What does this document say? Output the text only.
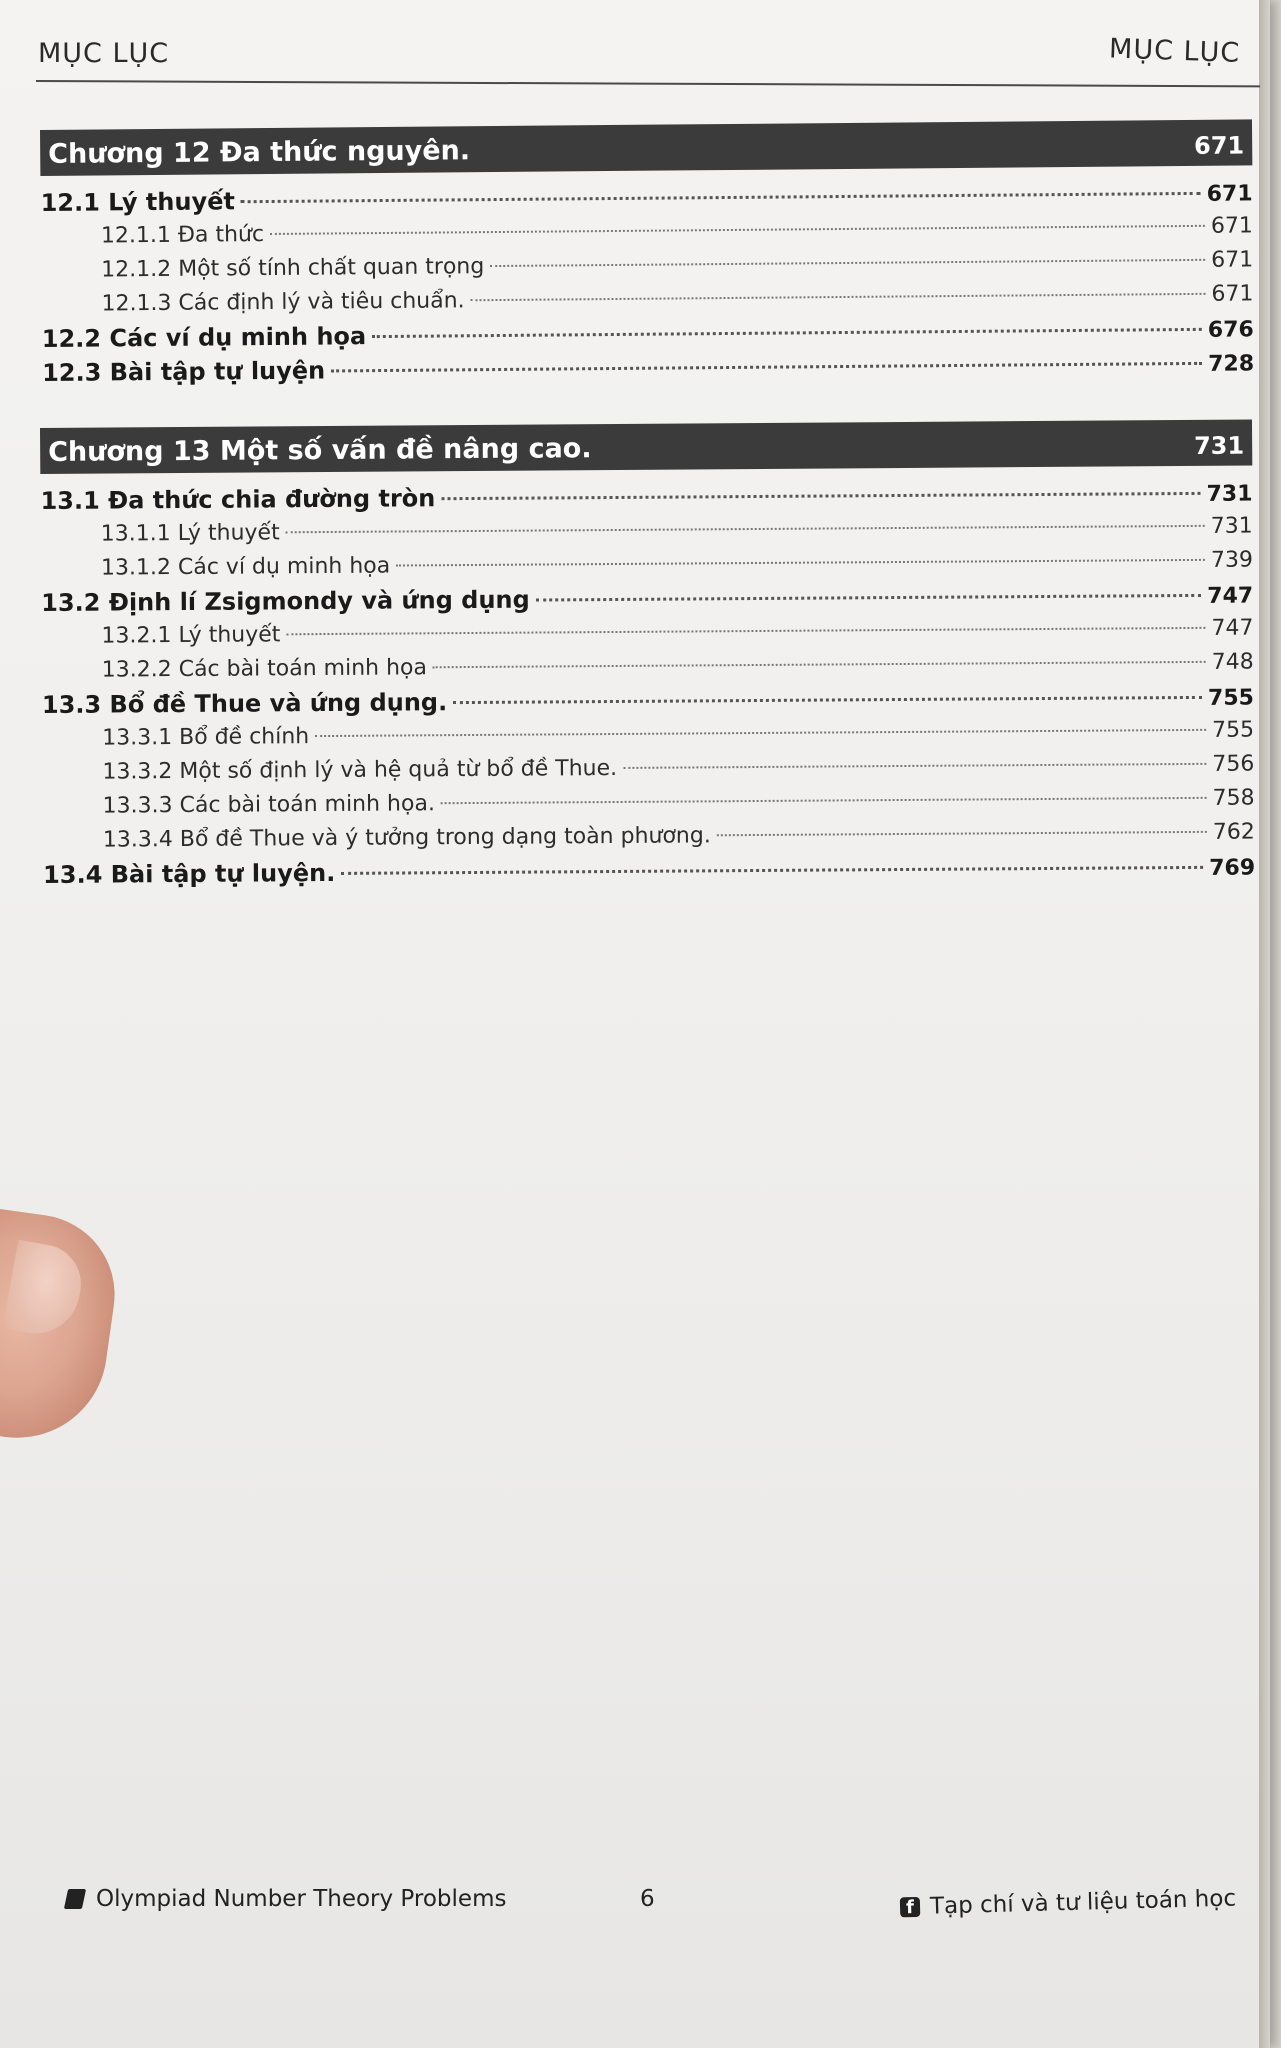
MỤC LỤC	MỤC LỤC
Chương 12 Đa thức nguyên.	671
12.1 Lý thuyết	671
12.1.1 Đa thức	671
12.1.2 Một số tính chất quan trọng	671
12.1.3 Các định lý và tiêu chuẩn.	671
12.2 Các ví dụ minh họa	676
12.3 Bài tập tự luyện	728
Chương 13 Một số vấn đề nâng cao.	731
13.1 Đa thức chia đường tròn	731
13.1.1 Lý thuyết	731
13.1.2 Các ví dụ minh họa	739
13.2 Định lí Zsigmondy và ứng dụng	747
13.2.1 Lý thuyết	747
13.2.2 Các bài toán minh họa	748
13.3 Bổ đề Thue và ứng dụng.	755
13.3.1 Bổ đề chính	755
13.3.2 Một số định lý và hệ quả từ bổ đề Thue.	756
13.3.3 Các bài toán minh họa.	758
13.3.4 Bổ đề Thue và ý tưởng trong dạng toàn phương.	762
13.4 Bài tập tự luyện.	769
Olympiad Number Theory Problems	6	f Tạp chí và tư liệu toán học
